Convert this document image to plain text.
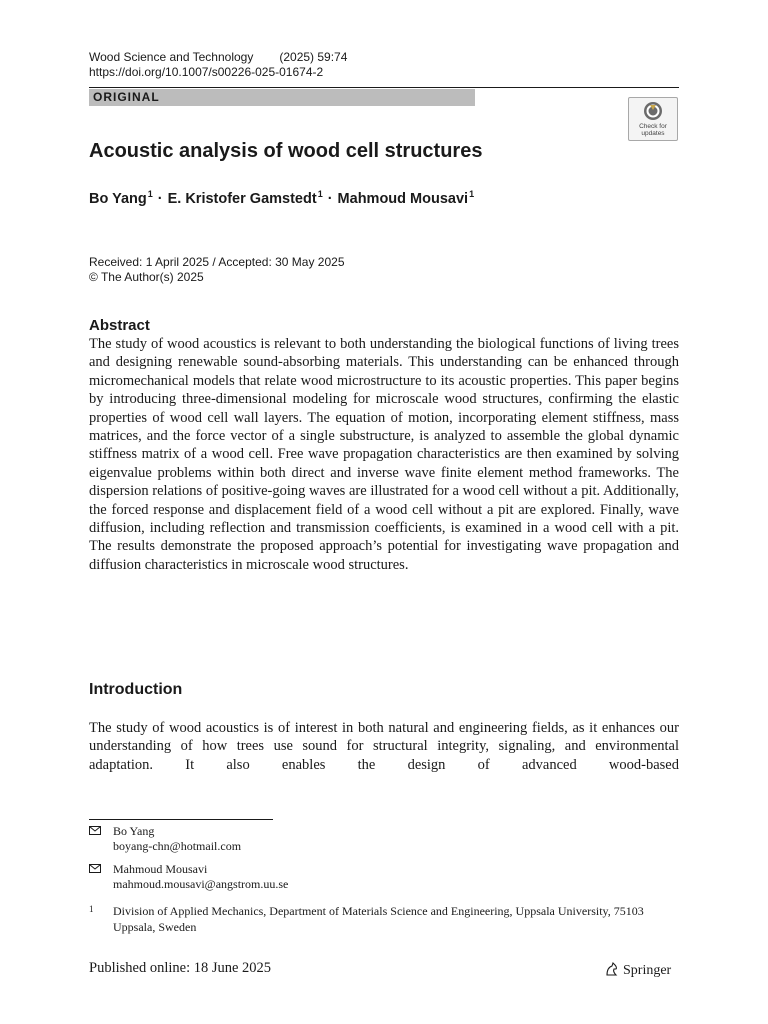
Wood Science and Technology (2025) 59:74
https://doi.org/10.1007/s00226-025-01674-2
ORIGINAL
Check for updates
Acoustic analysis of wood cell structures
Bo Yang$^1$ · E. Kristofer Gamstedt$^1$ · Mahmoud Mousavi$^1$
Received: 1 April 2025 / Accepted: 30 May 2025
© The Author(s) 2025
Abstract
The study of wood acoustics is relevant to both understanding the biological functions of living trees and designing renewable sound-absorbing materials. This understanding can be enhanced through micromechanical models that relate wood microstructure to its acoustic properties. This paper begins by introducing three-dimensional modeling for microscale wood structures, confirming the elastic properties of wood cell wall layers. The equation of motion, incorporating element stiffness, mass matrices, and the force vector of a single substructure, is analyzed to assemble the global dynamic stiffness matrix of a wood cell. Free wave propagation characteristics are then examined by solving eigenvalue problems within both direct and inverse wave finite element method frameworks. The dispersion relations of positive-going waves are illustrated for a wood cell without a pit. Additionally, the forced response and displacement field of a wood cell without a pit are explored. Finally, wave diffusion, including reflection and transmission coefficients, is examined in a wood cell with a pit. The results demonstrate the proposed approach’s potential for investigating wave propagation and diffusion characteristics in microscale wood structures.
Introduction
The study of wood acoustics is of interest in both natural and engineering fields, as it enhances our understanding of how trees use sound for structural integrity, signaling, and environmental adaptation. It also enables the design of advanced wood-based
Bo Yang
boyang-chn@hotmail.com
Mahmoud Mousavi
mahmoud.mousavi@angstrom.uu.se
1 Division of Applied Mechanics, Department of Materials Science and Engineering, Uppsala University, 75103 Uppsala, Sweden
Published online: 18 June 2025	Springer
